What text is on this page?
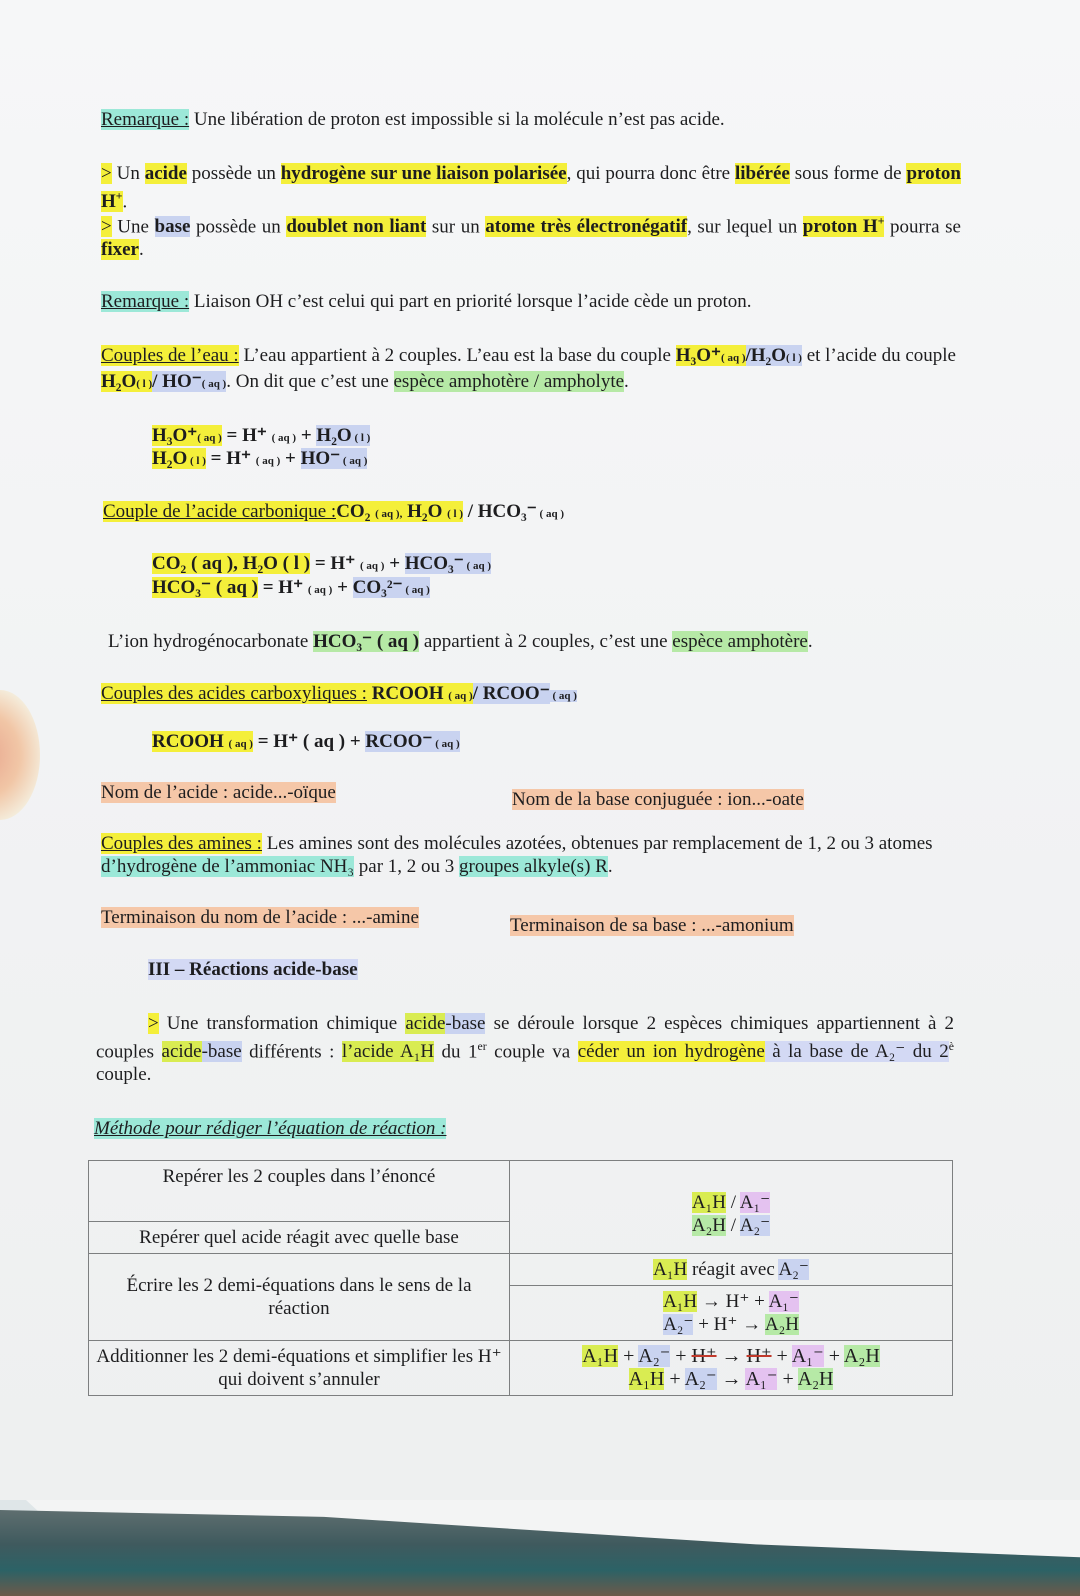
Remarque : Une libération de proton est impossible si la molécule n’est pas acide.
> Un acide possède un hydrogène sur une liaison polarisée, qui pourra donc être libérée sous forme de proton H+.
> Une base possède un doublet non liant sur un atome très électronégatif, sur lequel un proton H+ pourra se fixer.
Remarque : Liaison OH c’est celui qui part en priorité lorsque l’acide cède un proton.
Couples de l’eau : L’eau appartient à 2 couples. L’eau est la base du couple H₃O⁺( aq )/H₂O( l ) et l’acide du couple H₂O( l )/ HO⁻( aq ). On dit que c’est une espèce amphotère / ampholyte.
H₃O⁺( aq ) = H⁺ ( aq ) + H₂O ( l )
H₂O ( l ) = H⁺ ( aq ) + HO⁻ ( aq )
Couple de l’acide carbonique :CO₂ ( aq ), H₂O ( l ) / HCO₃⁻ ( aq )
CO₂ ( aq ), H₂O ( l ) = H⁺ ( aq ) + HCO₃⁻ ( aq )
HCO₃⁻ ( aq ) = H⁺ ( aq ) + CO₃²⁻ ( aq )
L’ion hydrogénocarbonate HCO₃⁻ ( aq ) appartient à 2 couples, c’est une espèce amphotère.
Couples des acides carboxyliques : RCOOH ( aq )/ RCOO⁻ ( aq )
RCOOH ( aq ) = H⁺ ( aq ) + RCOO⁻ ( aq )
Nom de l’acide : acide...-oïque	Nom de la base conjuguée : ion...-oate
Couples des amines : Les amines sont des molécules azotées, obtenues par remplacement de 1, 2 ou 3 atomes d’hydrogène de l’ammoniac NH₃ par 1, 2 ou 3 groupes alkyle(s) R.
Terminaison du nom de l’acide : ...-amine	Terminaison de sa base : ...-amonium
III – Réactions acide-base
> Une transformation chimique acide-base se déroule lorsque 2 espèces chimiques appartiennent à 2 couples acide-base différents : l’acide A₁H du 1er couple va céder un ion hydrogène à la base de A₂⁻ du $2^è$ couple.
Méthode pour rédiger l’équation de réaction :
Repérer les 2 couples dans l’énoncé	A₁H / A₁⁻
A₂H / A₂⁻

Repérer quel acide réagit avec quelle base	
Écrire les 2 demi-équations dans le sens de la réaction	A₁H réagit avec A₂⁻

	A₁H → H⁺ + A₁⁻
A₂⁻ + H⁺ → A₂H

Additionner les 2 demi-équations et simplifier les H⁺ qui doivent s’annuler	A₁H + A₂⁻ + H⁺ → H⁺ + A₁⁻ + A₂H
A₁H + A₂⁻ → A₁⁻ + A₂H
